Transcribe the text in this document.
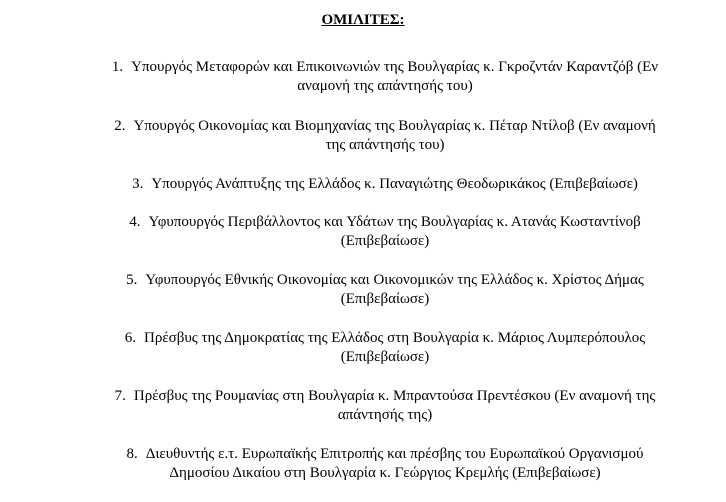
ΟΜΙΛΙΤΕΣ:
1. Υπουργός Μεταφορών και Επικοινωνιών της Βουλγαρίας κ. Γκροζντάν Καραντζόβ (Εν
αναμονή της απάντησής του)
2. Υπουργός Οικονομίας και Βιομηχανίας της Βουλγαρίας κ. Πέταρ Ντίλοβ (Εν αναμονή
της απάντησής του)
3. Υπουργός Ανάπτυξης της Ελλάδος κ. Παναγιώτης Θεοδωρικάκος (Επιβεβαίωσε)
4. Υφυπουργός Περιβάλλοντος και Υδάτων της Βουλγαρίας κ. Ατανάς Κωσταντίνοβ
(Επιβεβαίωσε)
5. Υφυπουργός Εθνικής Οικονομίας και Οικονομικών της Ελλάδος κ. Χρίστος Δήμας
(Επιβεβαίωσε)
6. Πρέσβυς της Δημοκρατίας της Ελλάδος στη Βουλγαρία κ. Μάριος Λυμπερόπουλος
(Επιβεβαίωσε)
7. Πρέσβυς της Ρουμανίας στη Βουλγαρία κ. Μπραντούσα Πρεντέσκου (Εν αναμονή της
απάντησής της)
8. Διευθυντής ε.τ. Ευρωπαϊκής Επιτροπής και πρέσβης του Ευρωπαϊκού Οργανισμού
Δημοσίου Δικαίου στη Βουλγαρία κ. Γεώργιος Κρεμλής (Επιβεβαίωσε)
